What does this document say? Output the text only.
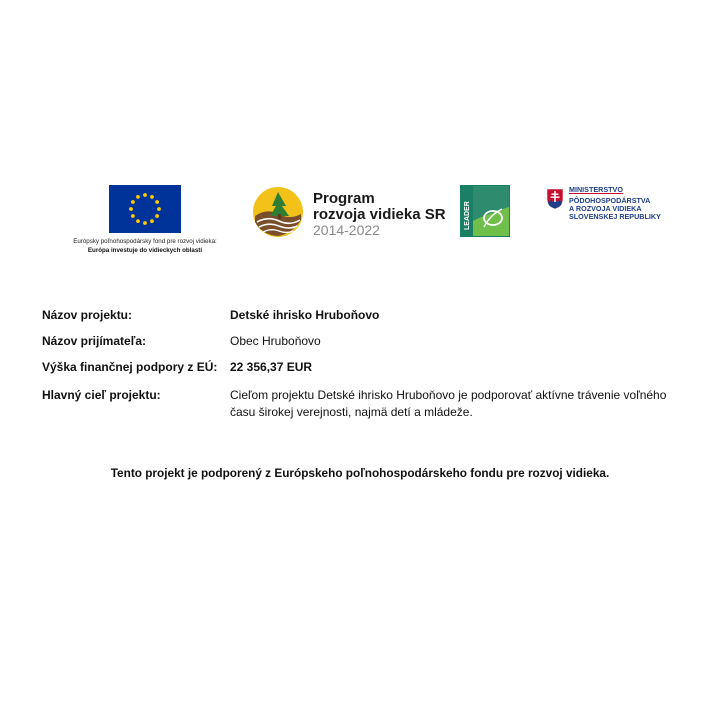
Európsky poľnohospodársky fond pre rozvoj vidieka:
Európa investuje do vidieckych oblastí
Program
rozvoja vidieka SR
2014-2022	LEADER
MINISTERSTVO
PÔDOHOSPODÁRSTVA
A ROZVOJA VIDIEKA
SLOVENSKEJ REPUBLIKY
Názov projektu:	Detské ihrisko Hruboňovo
Názov prijímateľa:	Obec Hruboňovo
Výška finančnej podpory z EÚ: 22 356,37 EUR
Hlavný cieľ projektu:	Cieľom projektu Detské ihrisko Hruboňovo je podporovať aktívne trávenie voľného času širokej verejnosti, najmä detí a mládeže.
Tento projekt je podporený z Európskeho poľnohospodárskeho fondu pre rozvoj vidieka.
